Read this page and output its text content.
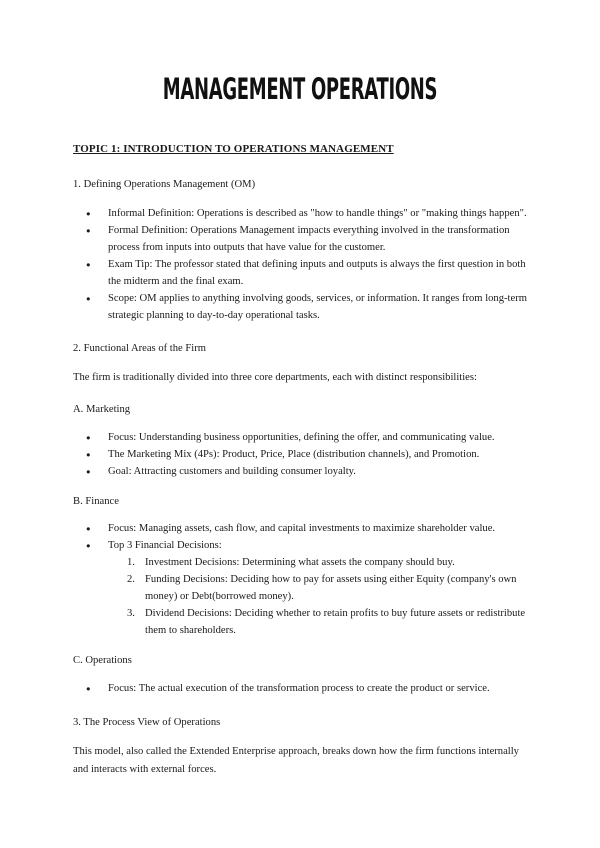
MANAGEMENT OPERATIONS
TOPIC 1: INTRODUCTION TO OPERATIONS MANAGEMENT
1. Defining Operations Management (OM)
● Informal Definition: Operations is described as "how to handle things" or "making things happen".
● Formal Definition: Operations Management impacts everything involved in the transformation
process from inputs into outputs that have value for the customer.
● Exam Tip: The professor stated that defining inputs and outputs is always the first question in both
the midterm and the final exam.
● Scope: OM applies to anything involving goods, services, or information. It ranges from long-term
strategic planning to day-to-day operational tasks.
2. Functional Areas of the Firm
The firm is traditionally divided into three core departments, each with distinct responsibilities:
A. Marketing
● Focus: Understanding business opportunities, defining the offer, and communicating value.
● The Marketing Mix (4Ps): Product, Price, Place (distribution channels), and Promotion.
● Goal: Attracting customers and building consumer loyalty.
B. Finance
● Focus: Managing assets, cash flow, and capital investments to maximize shareholder value.
● Top 3 Financial Decisions:
1. Investment Decisions: Determining what assets the company should buy.
2. Funding Decisions: Deciding how to pay for assets using either Equity (company's own
money) or Debt(borrowed money).
3. Dividend Decisions: Deciding whether to retain profits to buy future assets or redistribute
them to shareholders.
C. Operations
● Focus: The actual execution of the transformation process to create the product or service.
3. The Process View of Operations
This model, also called the Extended Enterprise approach, breaks down how the firm functions internally
and interacts with external forces.
